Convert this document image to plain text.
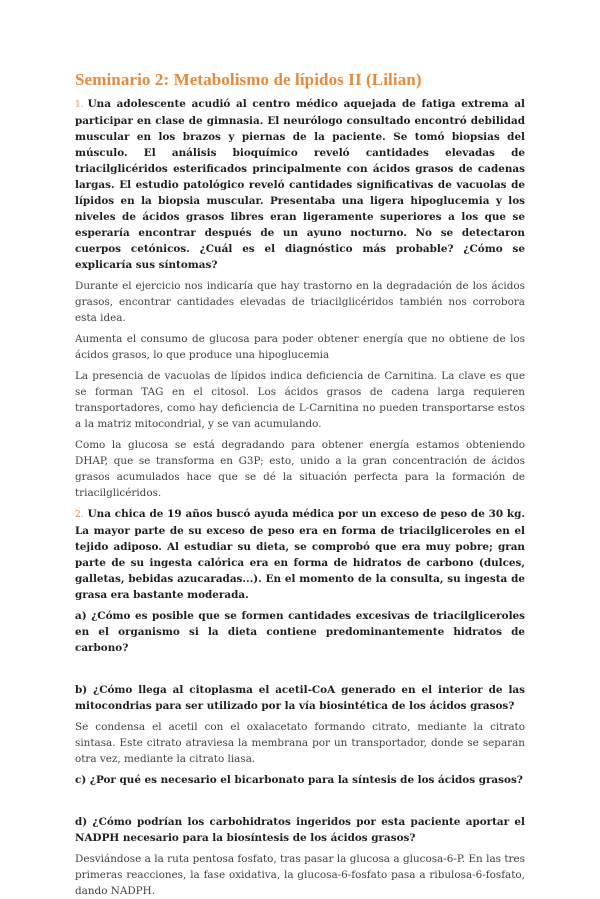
Seminario 2: Metabolismo de lípidos II (Lilian)

1. Una adolescente acudió al centro médico aquejada de fatiga extrema al participar en clase de gimnasia. El neurólogo consultado encontró debilidad muscular en los brazos y piernas de la paciente. Se tomó biopsias del músculo. El análisis bioquímico reveló cantidades elevadas de triacilglicéridos esterificados principalmente con ácidos grasos de cadenas largas. El estudio patológico reveló cantidades significativas de vacuolas de lípidos en la biopsia muscular. Presentaba una ligera hipoglucemia y los niveles de ácidos grasos libres eran ligeramente superiores a los que se esperaría encontrar después de un ayuno nocturno. No se detectaron cuerpos cetónicos. ¿Cuál es el diagnóstico más probable? ¿Cómo se explicaría sus síntomas?

Durante el ejercicio nos indicaría que hay trastorno en la degradación de los ácidos grasos, encontrar cantidades elevadas de triacilglicéridos también nos corrobora esta idea.

Aumenta el consumo de glucosa para poder obtener energía que no obtiene de los ácidos grasos, lo que produce una hipoglucemia

La presencia de vacuolas de lípidos indica deficiencia de Carnitina. La clave es que se forman TAG en el citosol. Los ácidos grasos de cadena larga requieren transportadores, como hay deficiencia de L-Carnitina no pueden transportarse estos a la matriz mitocondrial, y se van acumulando.

Como la glucosa se está degradando para obtener energía estamos obteniendo DHAP, que se transforma en G3P; esto, unido a la gran concentración de ácidos grasos acumulados hace que se dé la situación perfecta para la formación de triacilglicéridos.

2. Una chica de 19 años buscó ayuda médica por un exceso de peso de 30 kg. La mayor parte de su exceso de peso era en forma de triacilgliceroles en el tejido adiposo. Al estudiar su dieta, se comprobó que era muy pobre; gran parte de su ingesta calórica era en forma de hidratos de carbono (dulces, galletas, bebidas azucaradas...). En el momento de la consulta, su ingesta de grasa era bastante moderada.

a) ¿Cómo es posible que se formen cantidades excesivas de triacilgliceroles en el organismo si la dieta contiene predominantemente hidratos de carbono?

b) ¿Cómo llega al citoplasma el acetil-CoA generado en el interior de las mitocondrias para ser utilizado por la vía biosintética de los ácidos grasos?

Se condensa el acetil con el oxalacetato formando citrato, mediante la citrato sintasa. Este citrato atraviesa la membrana por un transportador, donde se separan otra vez, mediante la citrato liasa.

c) ¿Por qué es necesario el bicarbonato para la síntesis de los ácidos grasos?

d) ¿Cómo podrían los carbohidratos ingeridos por esta paciente aportar el NADPH necesario para la biosíntesis de los ácidos grasos?

Desviándose a la ruta pentosa fosfato, tras pasar la glucosa a glucosa-6-P. En las tres primeras reacciones, la fase oxidativa, la glucosa-6-fosfato pasa a ribulosa-6-fosfato, dando NADPH.
